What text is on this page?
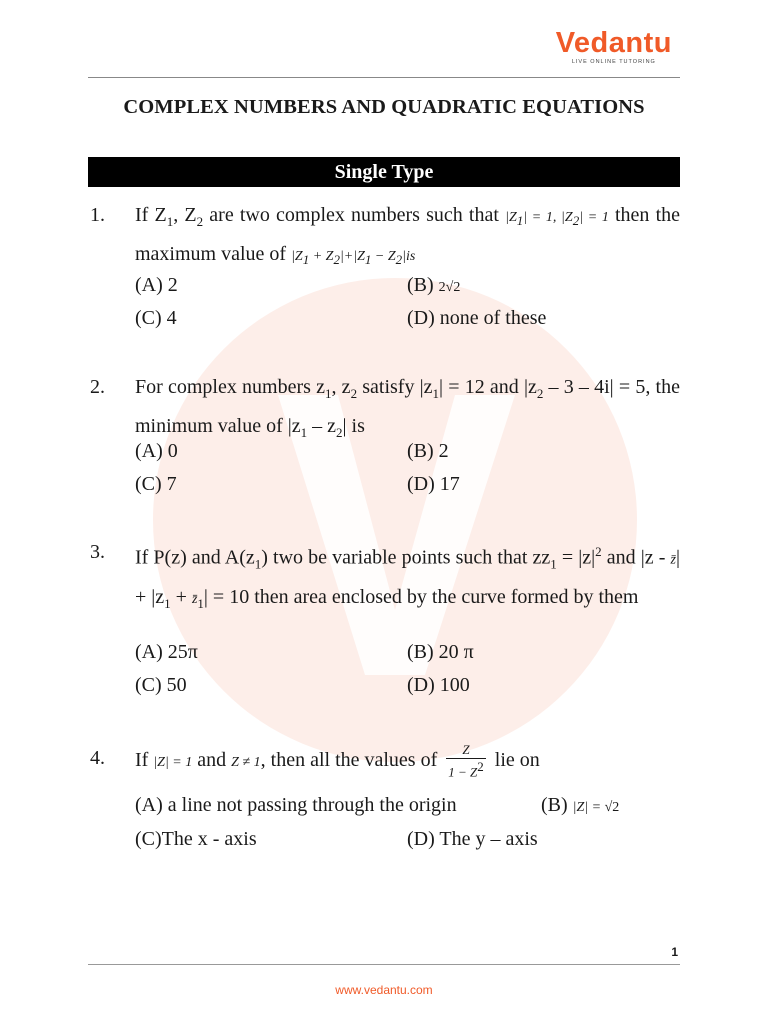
Vedantu
LIVE ONLINE TUTORING
COMPLEX NUMBERS AND QUADRATIC EQUATIONS
Single Type
1. If $Z_1$, $Z_2$ are two complex numbers such that $|Z_1| = 1$, $|Z_2| = 1$ then the maximum value of $|Z_1 + Z_2|+|Z_1 - Z_2|is$
(A) 2	(B) 2√2
(C) 4	(D) none of these
2. For complex numbers $z_1$, $z_2$ satisfy $|z_1| = 12$ and $|z_2 - 3 - 4i| = 5$, the minimum value of $|z_1 - z_2|$ is
(A) 0	(B) 2
(C) 7	(D) 17
3. If P(z) and $A(z_1)$ two be variable points such that $zz_1 = |z|^2$ and |z - z̄| + $|z_1$ + $z̄_1| = 10$ then area enclosed by the curve formed by them
(A) 25π	(B) 20 π
(C) 50	(D) 100
4. If |Z| = 1 and Z ≠ 1, then all the values of $\frac{Z}{1 - Z^2}$ lie on
(A) a line not passing through the origin	(B) |Z| = √2
(C)The x - axis	(D) The y – axis
1
www.vedantu.com
